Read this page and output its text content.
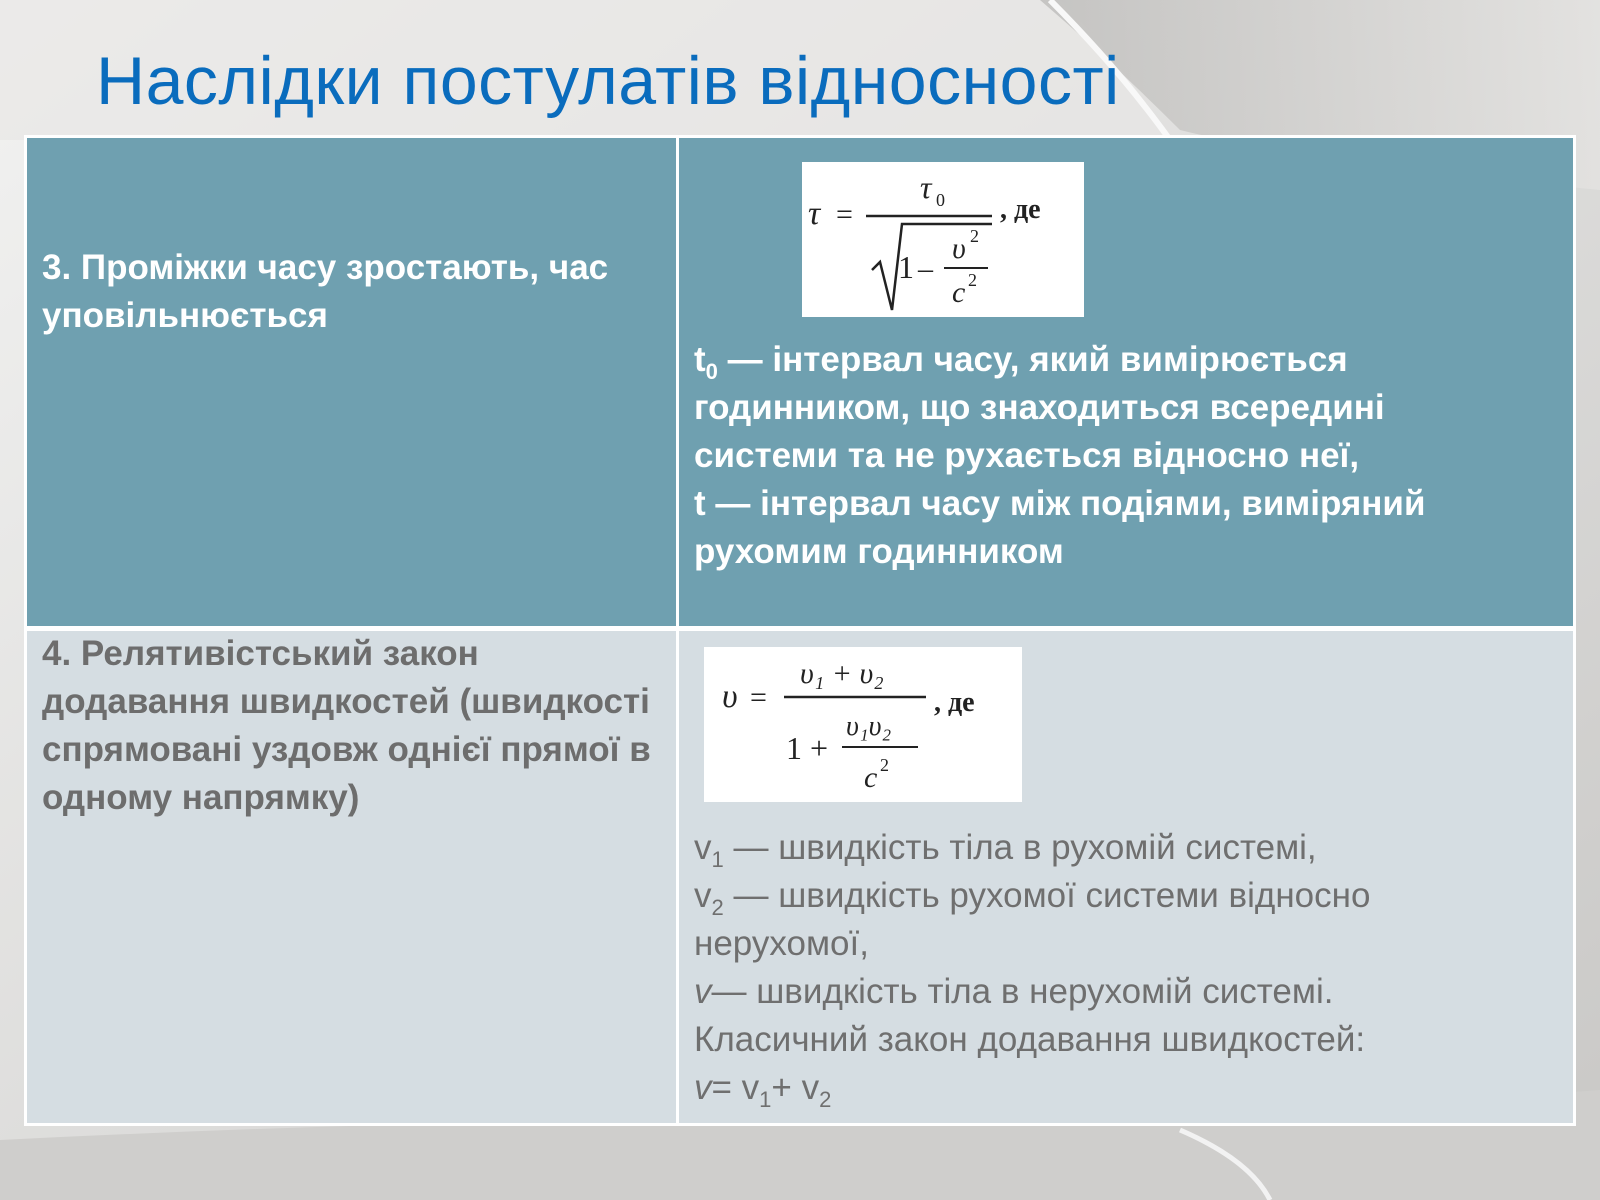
Наслідки постулатів відносності
3. Проміжки часу зростають, час уповільнюється
τ =
τ 0
1 –
υ 2
c 2
, де
$t_0$ — інтервал часу, який вимірюється
годинником, що знаходиться всередині
системи та не рухається відносно неї,
t — інтервал часу між подіями, виміряний
рухомим годинником
4. Релятивістський закон додавання швидкостей (швидкості спрямовані уздовж однієї прямої в одному напрямку)
υ =
υ₁ + υ₂
1 +
υ₁υ₂
c 2
, де
$v_1$ — швидкість тіла в рухомій системі,
$v_2$ — швидкість рухомої системи відносно
нерухомої,
v— швидкість тіла в нерухомій системі.
Класичний закон додавання швидкостей:
$v= v_1+ v_2$
